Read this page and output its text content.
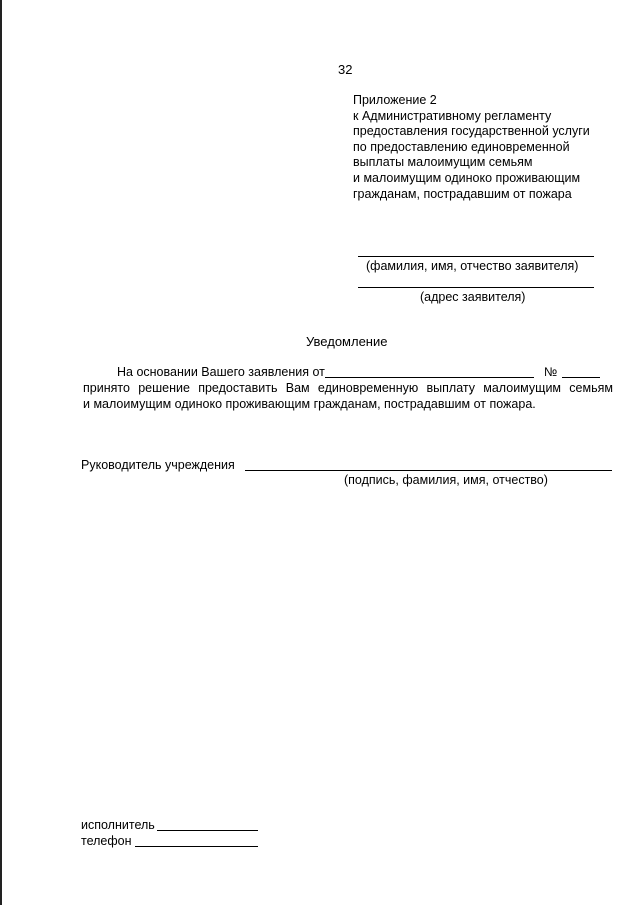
32
Приложение 2
к Административному регламенту
предоставления государственной услуги
по предоставлению единовременной
выплаты малоимущим семьям
и малоимущим одиноко проживающим
гражданам, пострадавшим от пожара
(фамилия, имя, отчество заявителя)
(адрес заявителя)
Уведомление
На основании Вашего заявления от	№
принято решение предоставить Вам единовременную выплату малоимущим семьям
и малоимущим одиноко проживающим гражданам, пострадавшим от пожара.
Руководитель учреждения
(подпись, фамилия, имя, отчество)
исполнитель
телефон
